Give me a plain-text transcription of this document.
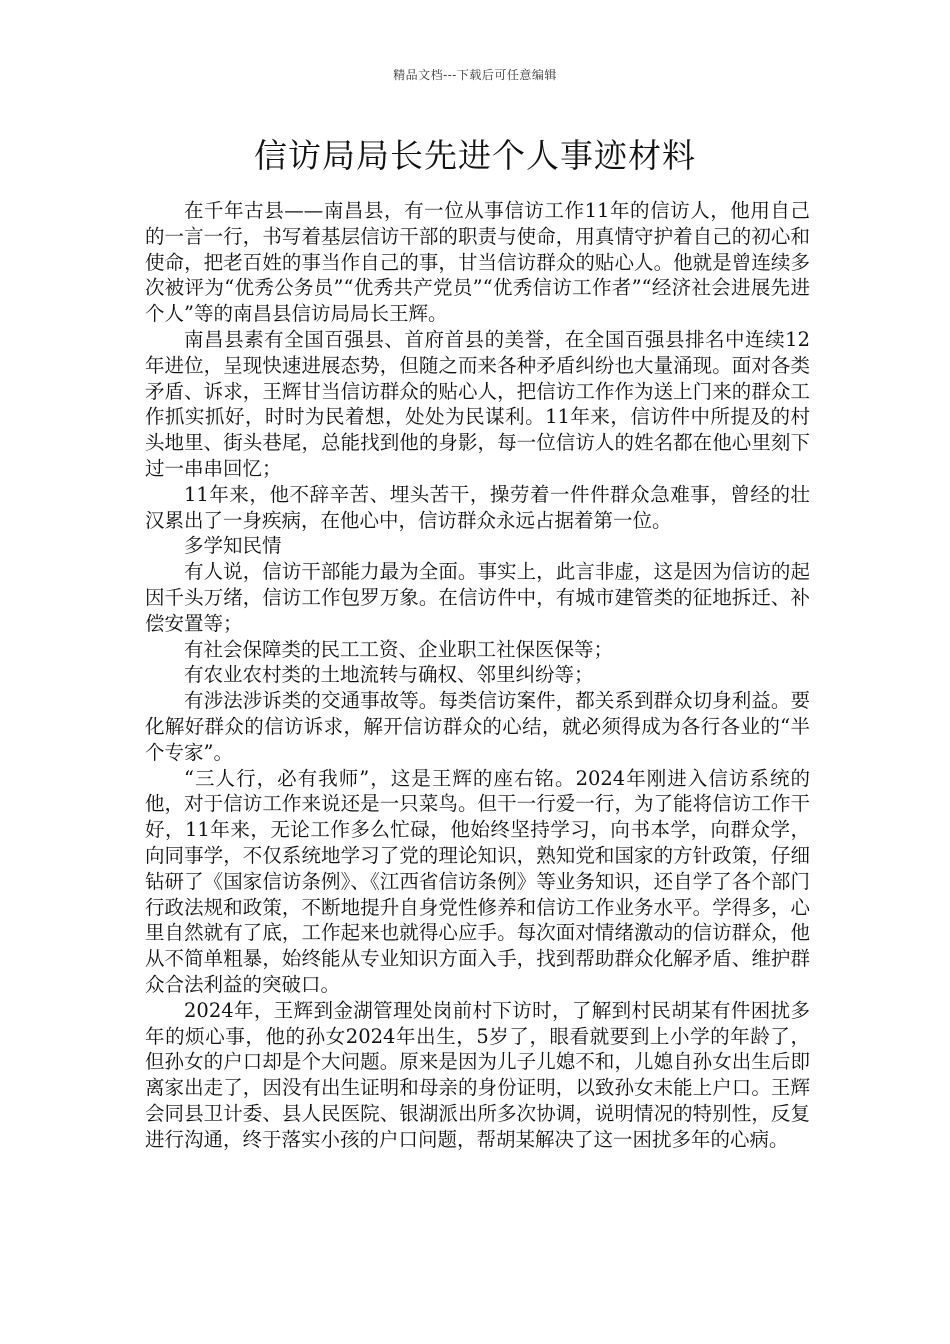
精品文档---下载后可任意编辑
信访局局长先进个人事迹材料

在千年古县——南昌县，有一位从事信访工作11年的信访人，他用自己的一言一行，书写着基层信访干部的职责与使命，用真情守护着自己的初心和使命，把老百姓的事当作自己的事，甘当信访群众的贴心人。他就是曾连续多次被评为“优秀公务员”“优秀共产党员”“优秀信访工作者”“经济社会进展先进个人”等的南昌县信访局局长王辉。

南昌县素有全国百强县、首府首县的美誉，在全国百强县排名中连续12年进位，呈现快速进展态势，但随之而来各种矛盾纠纷也大量涌现。面对各类矛盾、诉求，王辉甘当信访群众的贴心人，把信访工作作为送上门来的群众工作抓实抓好，时时为民着想，处处为民谋利。11年来，信访件中所提及的村头地里、街头巷尾，总能找到他的身影，每一位信访人的姓名都在他心里刻下过一串串回忆；

11年来，他不辞辛苦、埋头苦干，操劳着一件件群众急难事，曾经的壮汉累出了一身疾病，在他心中，信访群众永远占据着第一位。

多学知民情

有人说，信访干部能力最为全面。事实上，此言非虚，这是因为信访的起因千头万绪，信访工作包罗万象。在信访件中，有城市建管类的征地拆迁、补偿安置等；

有社会保障类的民工工资、企业职工社保医保等；

有农业农村类的土地流转与确权、邻里纠纷等；

有涉法涉诉类的交通事故等。每类信访案件，都关系到群众切身利益。要化解好群众的信访诉求，解开信访群众的心结，就必须得成为各行各业的“半个专家”。

“三人行，必有我师”，这是王辉的座右铭。2024年刚进入信访系统的他，对于信访工作来说还是一只菜鸟。但干一行爱一行，为了能将信访工作干好，11年来，无论工作多么忙碌，他始终坚持学习，向书本学，向群众学，向同事学，不仅系统地学习了党的理论知识，熟知党和国家的方针政策，仔细钻研了《国家信访条例》、《江西省信访条例》等业务知识，还自学了各个部门行政法规和政策，不断地提升自身党性修养和信访工作业务水平。学得多，心里自然就有了底，工作起来也就得心应手。每次面对情绪激动的信访群众，他从不简单粗暴，始终能从专业知识方面入手，找到帮助群众化解矛盾、维护群众合法利益的突破口。

2024年，王辉到金湖管理处岗前村下访时，了解到村民胡某有件困扰多年的烦心事，他的孙女2024年出生，5岁了，眼看就要到上小学的年龄了，但孙女的户口却是个大问题。原来是因为儿子儿媳不和，儿媳自孙女出生后即离家出走了，因没有出生证明和母亲的身份证明，以致孙女未能上户口。王辉会同县卫计委、县人民医院、银湖派出所多次协调，说明情况的特别性，反复进行沟通，终于落实小孩的户口问题，帮胡某解决了这一困扰多年的心病。
